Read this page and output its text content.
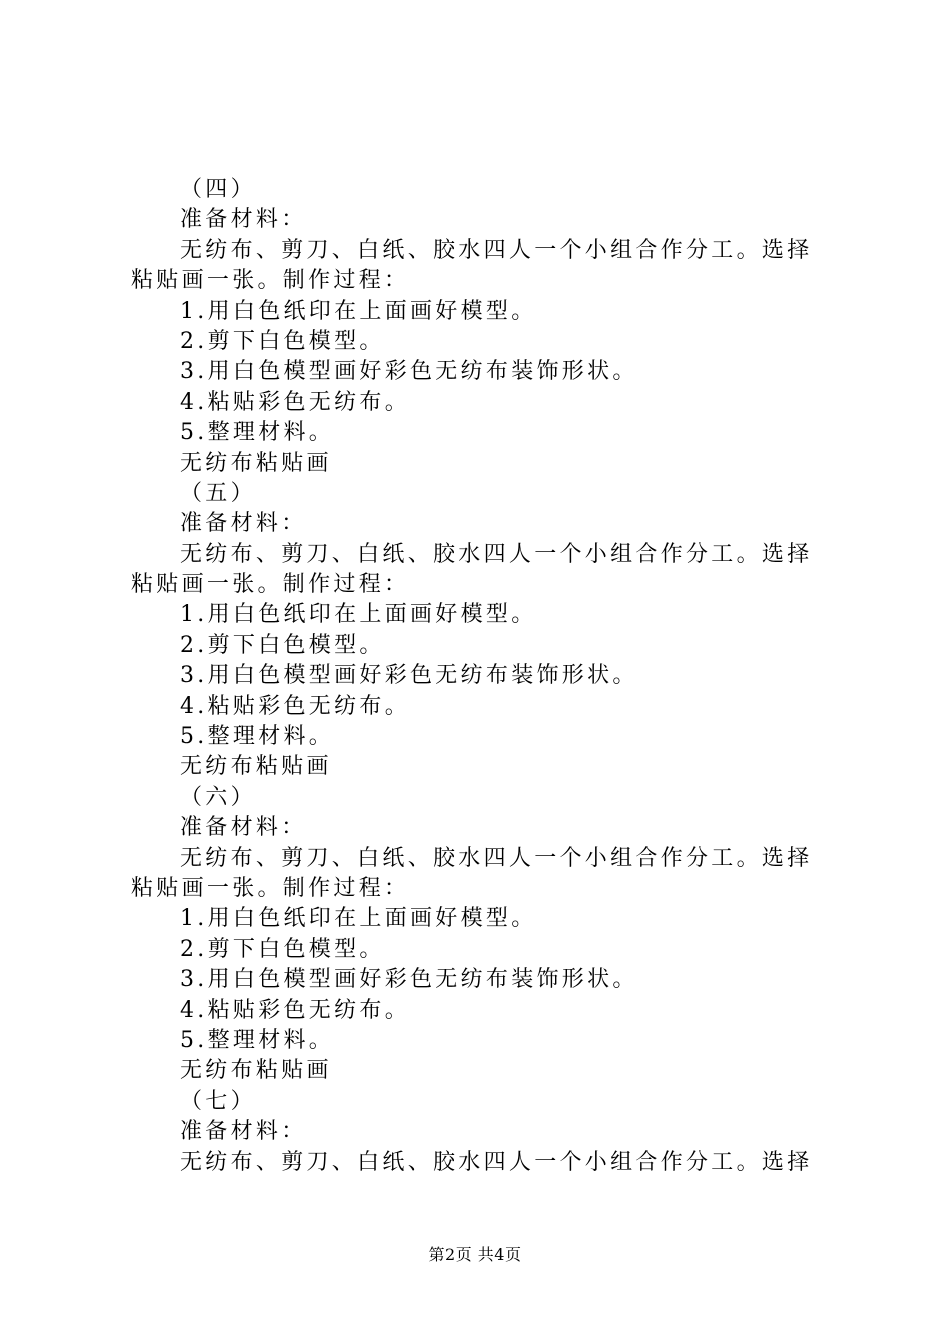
（四）
准备材料：
无纺布、剪刀、白纸、胶水四人一个小组合作分工。选择
粘贴画一张。制作过程：
1.用白色纸印在上面画好模型。
2.剪下白色模型。
3.用白色模型画好彩色无纺布装饰形状。
4.粘贴彩色无纺布。
5.整理材料。
无纺布粘贴画
（五）
准备材料：
无纺布、剪刀、白纸、胶水四人一个小组合作分工。选择
粘贴画一张。制作过程：
1.用白色纸印在上面画好模型。
2.剪下白色模型。
3.用白色模型画好彩色无纺布装饰形状。
4.粘贴彩色无纺布。
5.整理材料。
无纺布粘贴画
（六）
准备材料：
无纺布、剪刀、白纸、胶水四人一个小组合作分工。选择
粘贴画一张。制作过程：
1.用白色纸印在上面画好模型。
2.剪下白色模型。
3.用白色模型画好彩色无纺布装饰形状。
4.粘贴彩色无纺布。
5.整理材料。
无纺布粘贴画
（七）
准备材料：
无纺布、剪刀、白纸、胶水四人一个小组合作分工。选择
第2页 共4页
